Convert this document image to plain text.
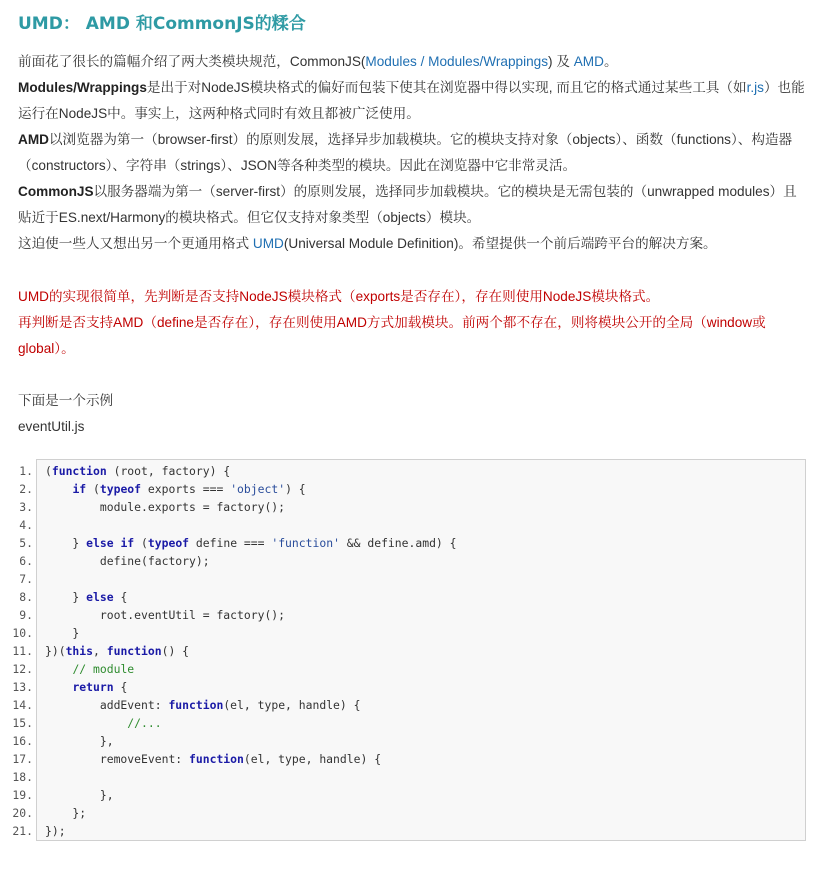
UMD： AMD 和CommonJS的糅合

前面花了很长的篇幅介绍了两大类模块规范，CommonJS(Modules / Modules/Wrappings) 及 AMD。

Modules/Wrappings是出于对NodeJS模块格式的偏好而包装下使其在浏览器中得以实现, 而且它的格式通过某些工具（如r.js）也能运行在NodeJS中。事实上，这两种格式同时有效且都被广泛使用。

AMD以浏览器为第一（browser-first）的原则发展，选择异步加载模块。它的模块支持对象（objects）、函数（functions）、构造器（constructors）、字符串（strings）、JSON等各种类型的模块。因此在浏览器中它非常灵活。

CommonJS以服务器端为第一（server-first）的原则发展，选择同步加载模块。它的模块是无需包装的（unwrapped modules）且贴近于ES.next/Harmony的模块格式。但它仅支持对象类型（objects）模块。

这迫使一些人又想出另一个更通用格式 UMD(Universal Module Definition)。希望提供一个前后端跨平台的解决方案。

UMD的实现很简单，先判断是否支持NodeJS模块格式（exports是否存在），存在则使用NodeJS模块格式。

再判断是否支持AMD（define是否存在），存在则使用AMD方式加载模块。前两个都不存在，则将模块公开的全局（window或global）。

下面是一个示例

eventUtil.js

1.
2.
3.
4.
5.
6.
7.
8.
9.
10.
11.
12.
13.
14.
15.
16.
17.
18.
19.
20.
21.
(function (root, factory) {
if (typeof exports === 'object') {
module.exports = factory();
} else if (typeof define === 'function' && define.amd) {
define(factory);
} else {
root.eventUtil = factory();
}
})(this, function() {
// module
return {
addEvent: function(el, type, handle) {
//...
},
removeEvent: function(el, type, handle) {
},
};
});
